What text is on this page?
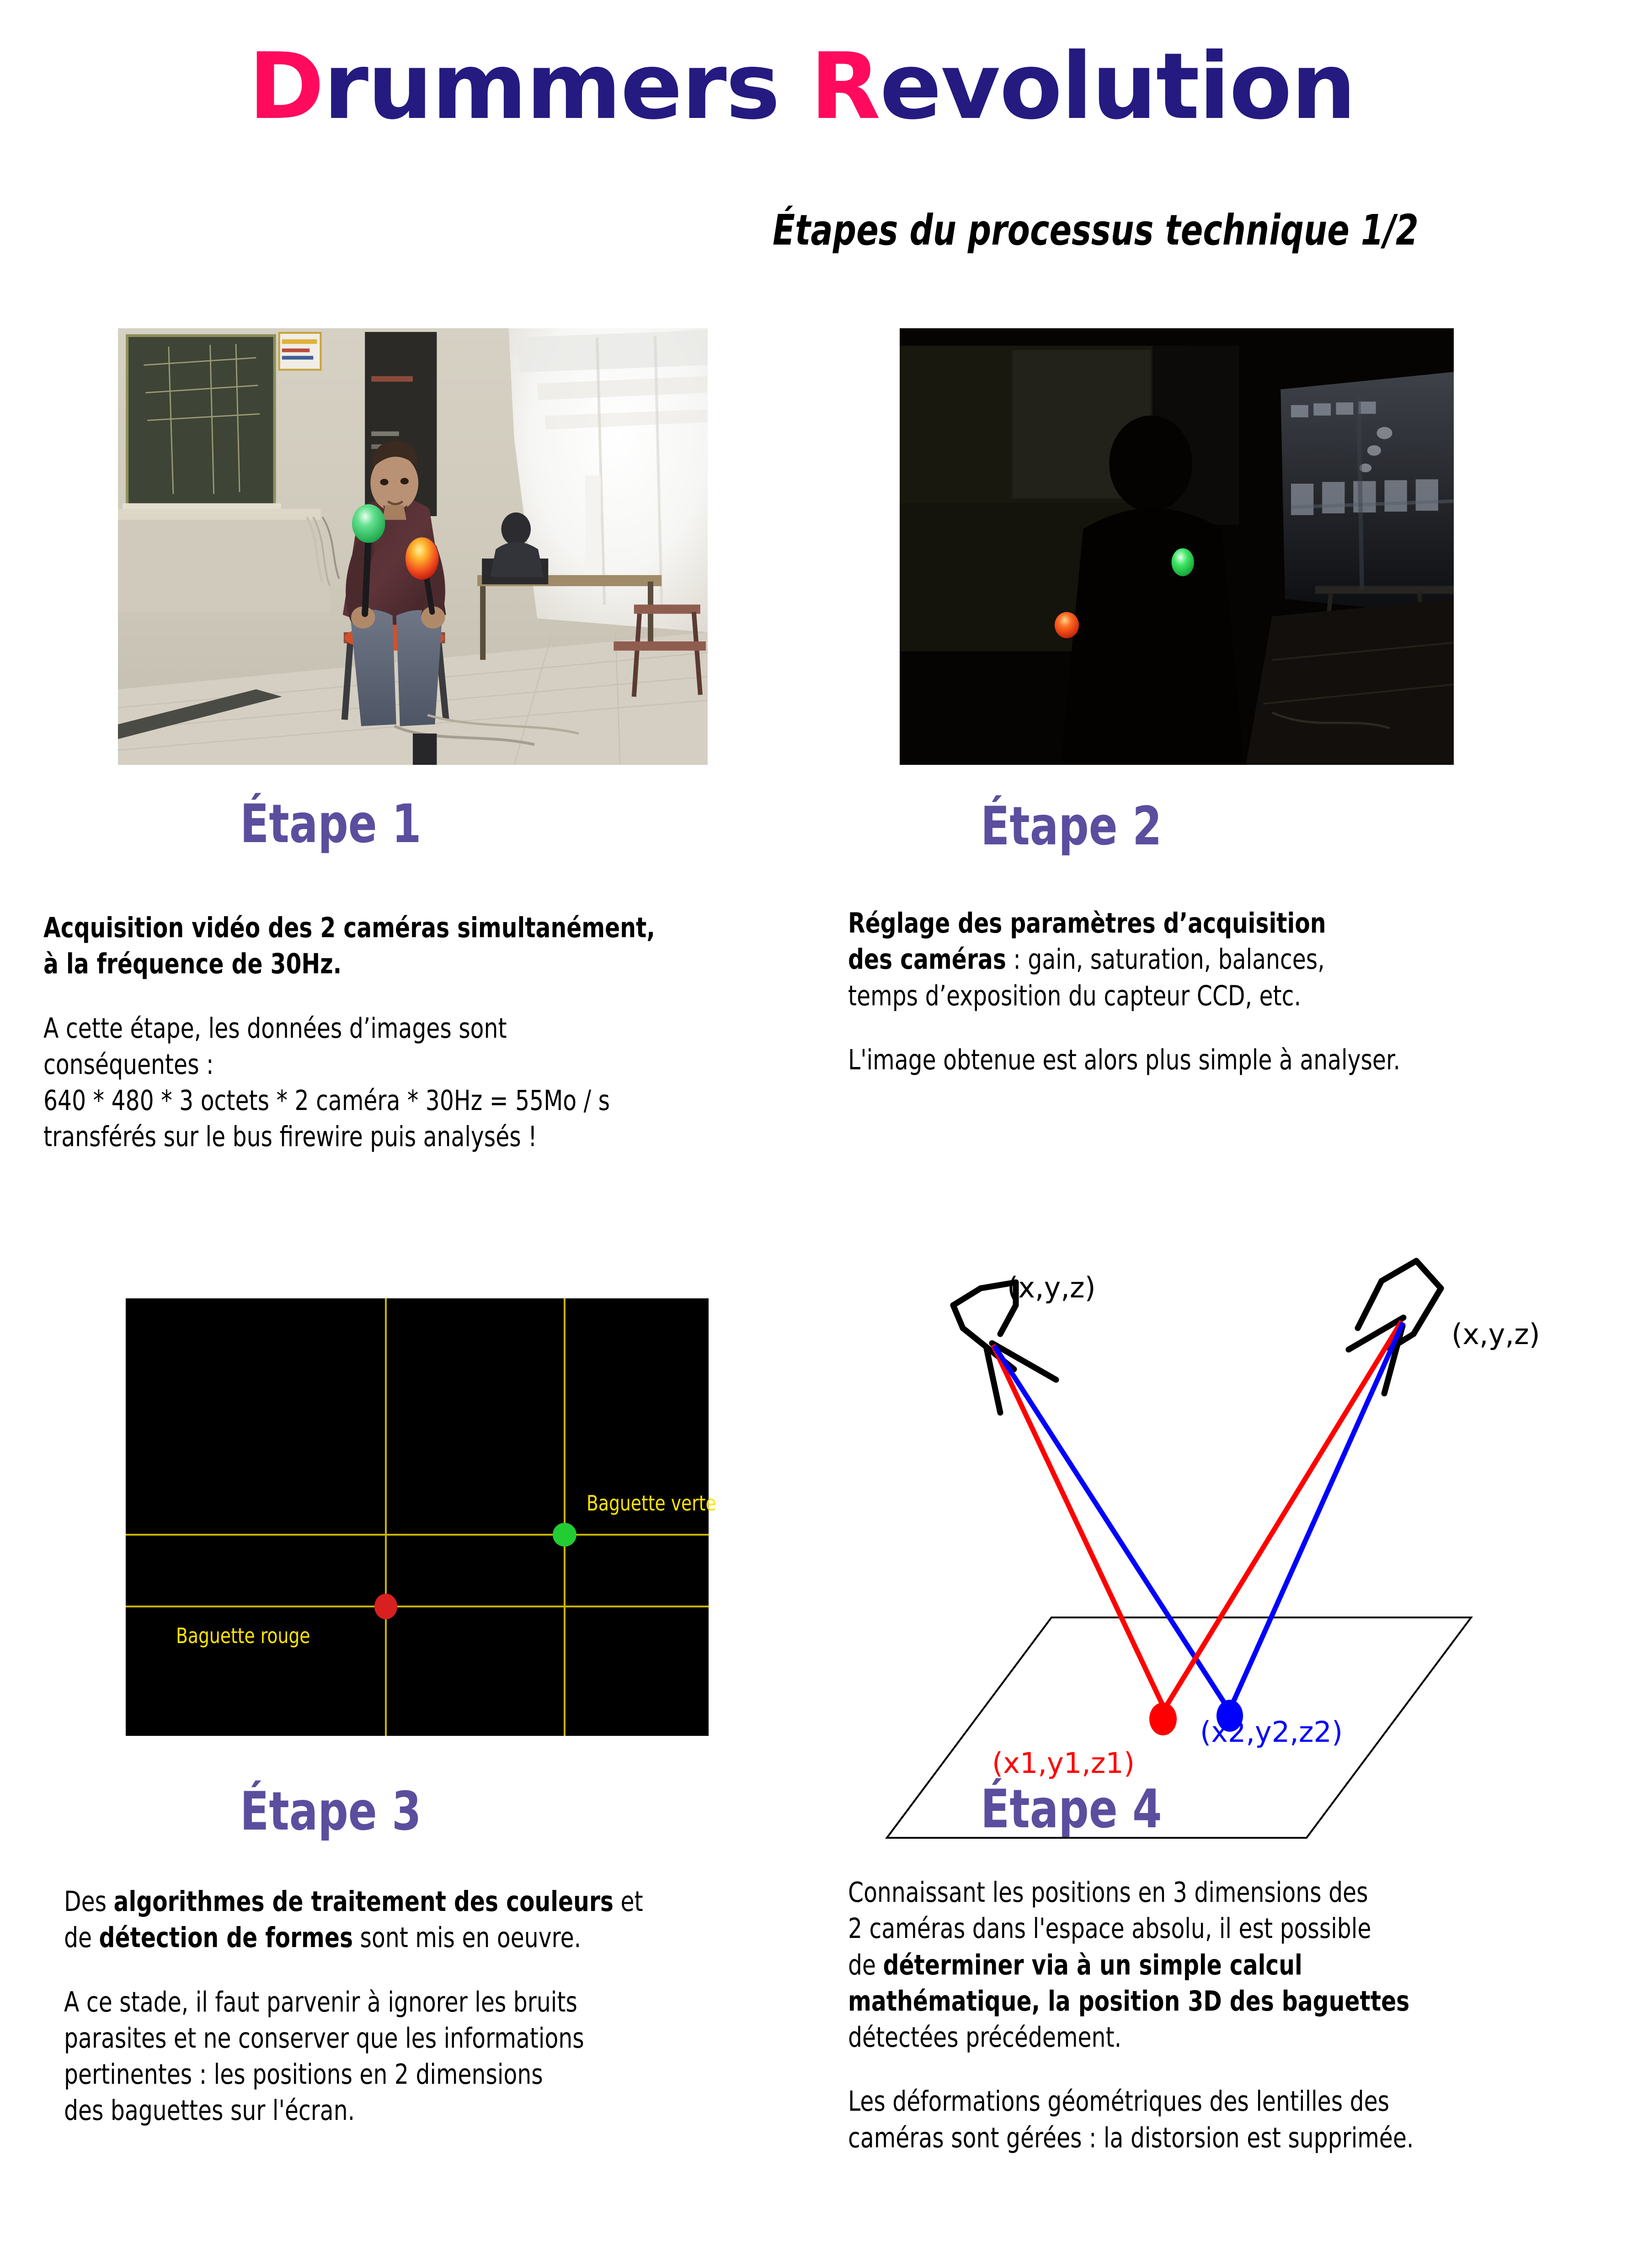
Drummers Revolution
Étapes du processus technique 1/2
Étape 1	Étape 2
Étape 3	Étape 4

Acquisition vidéo des 2 caméras simultanément,

à la fréquence de 30Hz.

A cette étape, les données d’images sont

conséquentes :

640 * 480 * 3 octets * 2 caméra * 30Hz = 55Mo / s

transférés sur le bus firewire puis analysés !

Réglage des paramètres d’acquisition

des caméras : gain, saturation, balances,

temps d’exposition du capteur CCD, etc.

L'image obtenue est alors plus simple à analyser.

Des algorithmes de traitement des couleurs et

de détection de formes sont mis en oeuvre.

A ce stade, il faut parvenir à ignorer les bruits

parasites et ne conserver que les informations

pertinentes : les positions en 2 dimensions

des baguettes sur l'écran.

Connaissant les positions en 3 dimensions des

2 caméras dans l'espace absolu, il est possible

de déterminer via à un simple calcul

mathématique, la position 3D des baguettes

détectées précédement.

Les déformations géométriques des lentilles des

caméras sont gérées : la distorsion est supprimée.

Baguette verte
Baguette rouge
(x,y,z)
(x,y,z)
(x1,y1,z1)
(x2,y2,z2)
